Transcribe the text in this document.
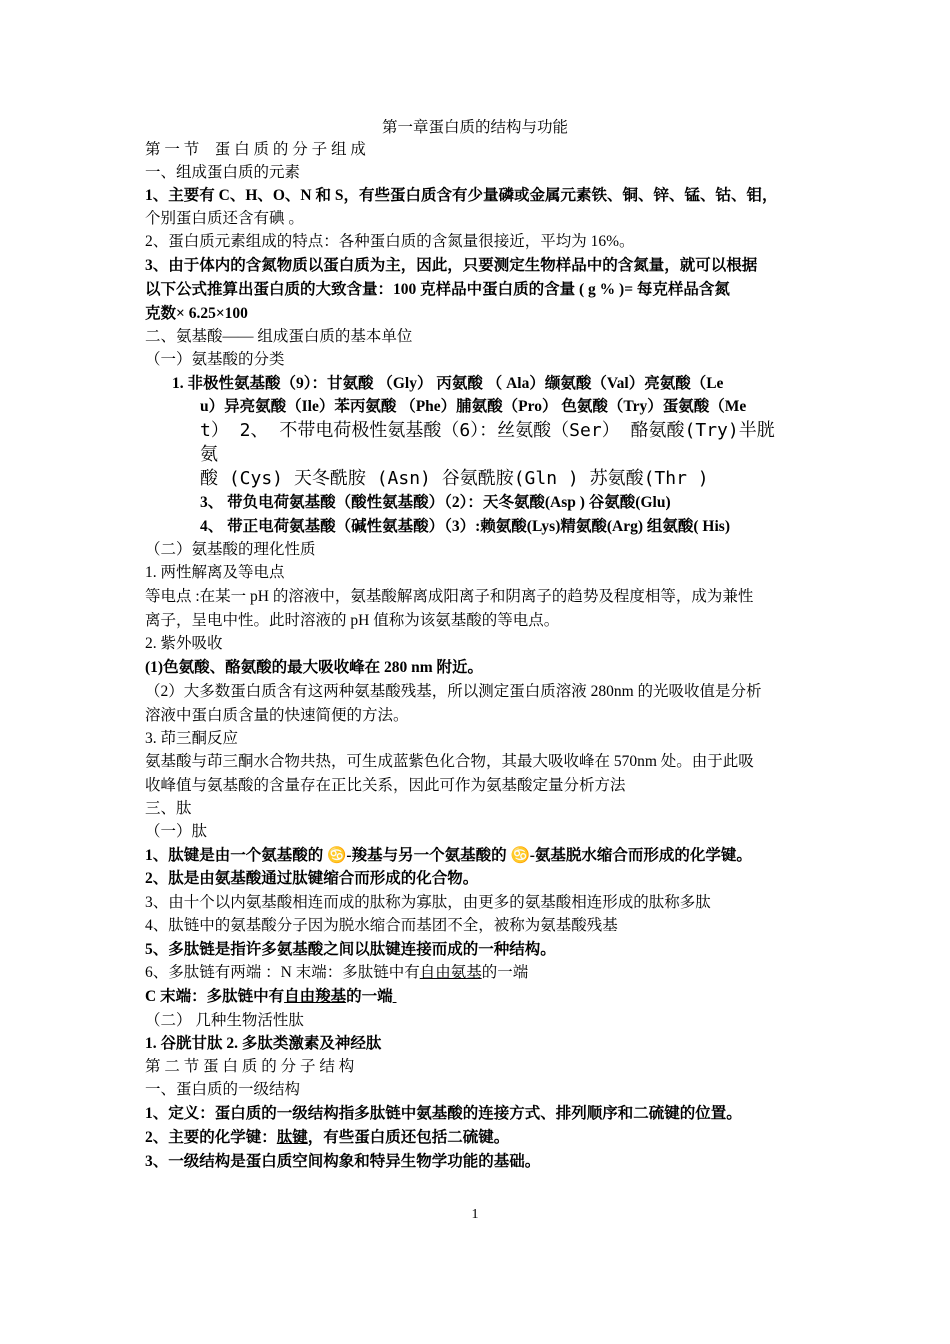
第一章蛋白质的结构与功能
第 一 节　蛋 白 质 的 分 子 组 成
一、组成蛋白质的元素
1、主要有 C、H、O、N 和 S，有些蛋白质含有少量磷或金属元素铁、铜、锌、锰、钴、钼，
个别蛋白质还含有碘 。
2、蛋白质元素组成的特点：各种蛋白质的含氮量很接近，平均为 16%。
3、由于体内的含氮物质以蛋白质为主，因此，只要测定生物样品中的含氮量，就可以根据
以下公式推算出蛋白质的大致含量：100 克样品中蛋白质的含量 ( g % )= 每克样品含氮
克数× 6.25×100
二、氨基酸—— 组成蛋白质的基本单位
（一）氨基酸的分类
1. 非极性氨基酸（9）：甘氨酸 （Gly） 丙氨酸 （ Ala）缬氨酸（Val）亮氨酸（Le
u）异亮氨酸（Ile）苯丙氨酸 （Phe）脯氨酸（Pro） 色氨酸（Try）蛋氨酸（Me
t） 2、 不带电荷极性氨基酸（6）：丝氨酸（Ser） 酪氨酸(Try)半胱
氨
酸 (Cys) 天冬酰胺 (Asn) 谷氨酰胺(Gln ) 苏氨酸(Thr )
3、 带负电荷氨基酸（酸性氨基酸）（2）：天冬氨酸(Asp ) 谷氨酸(Glu)
4、 带正电荷氨基酸（碱性氨基酸）（3）:赖氨酸(Lys)精氨酸(Arg) 组氨酸( His)
（二）氨基酸的理化性质
1. 两性解离及等电点
等电点 :在某一 pH 的溶液中，氨基酸解离成阳离子和阴离子的趋势及程度相等，成为兼性
离子，呈电中性。此时溶液的 pH 值称为该氨基酸的等电点。
2. 紫外吸收
(1)色氨酸、酪氨酸的最大吸收峰在 280 nm 附近。
（2）大多数蛋白质含有这两种氨基酸残基，所以测定蛋白质溶液 280nm 的光吸收值是分析
溶液中蛋白质含量的快速简便的方法。
3. 茚三酮反应
氨基酸与茚三酮水合物共热，可生成蓝紫色化合物，其最大吸收峰在 570nm 处。由于此吸
收峰值与氨基酸的含量存在正比关系，因此可作为氨基酸定量分析方法
三、肽
（一）肽
1、肽键是由一个氨基酸的 ♋-羧基与另一个氨基酸的 ♋-氨基脱水缩合而形成的化学键。
2、肽是由氨基酸通过肽键缩合而形成的化合物。
3、由十个以内氨基酸相连而成的肽称为寡肽，由更多的氨基酸相连形成的肽称多肽
4、肽链中的氨基酸分子因为脱水缩合而基团不全，被称为氨基酸残基
5、多肽链是指许多氨基酸之间以肽键连接而成的一种结构。
6、多肽链有两端 ：N 末端：多肽链中有自由氨基的一端
C 末端：多肽链中有自由羧基的一端
（二） 几种生物活性肽
1. 谷胱甘肽 2. 多肽类激素及神经肽
第 二 节 蛋 白 质 的 分 子 结 构
一、蛋白质的一级结构
1、定义：蛋白质的一级结构指多肽链中氨基酸的连接方式、排列顺序和二硫键的位置。
2、主要的化学键：肽键，有些蛋白质还包括二硫键。
3、一级结构是蛋白质空间构象和特异生物学功能的基础。
1
